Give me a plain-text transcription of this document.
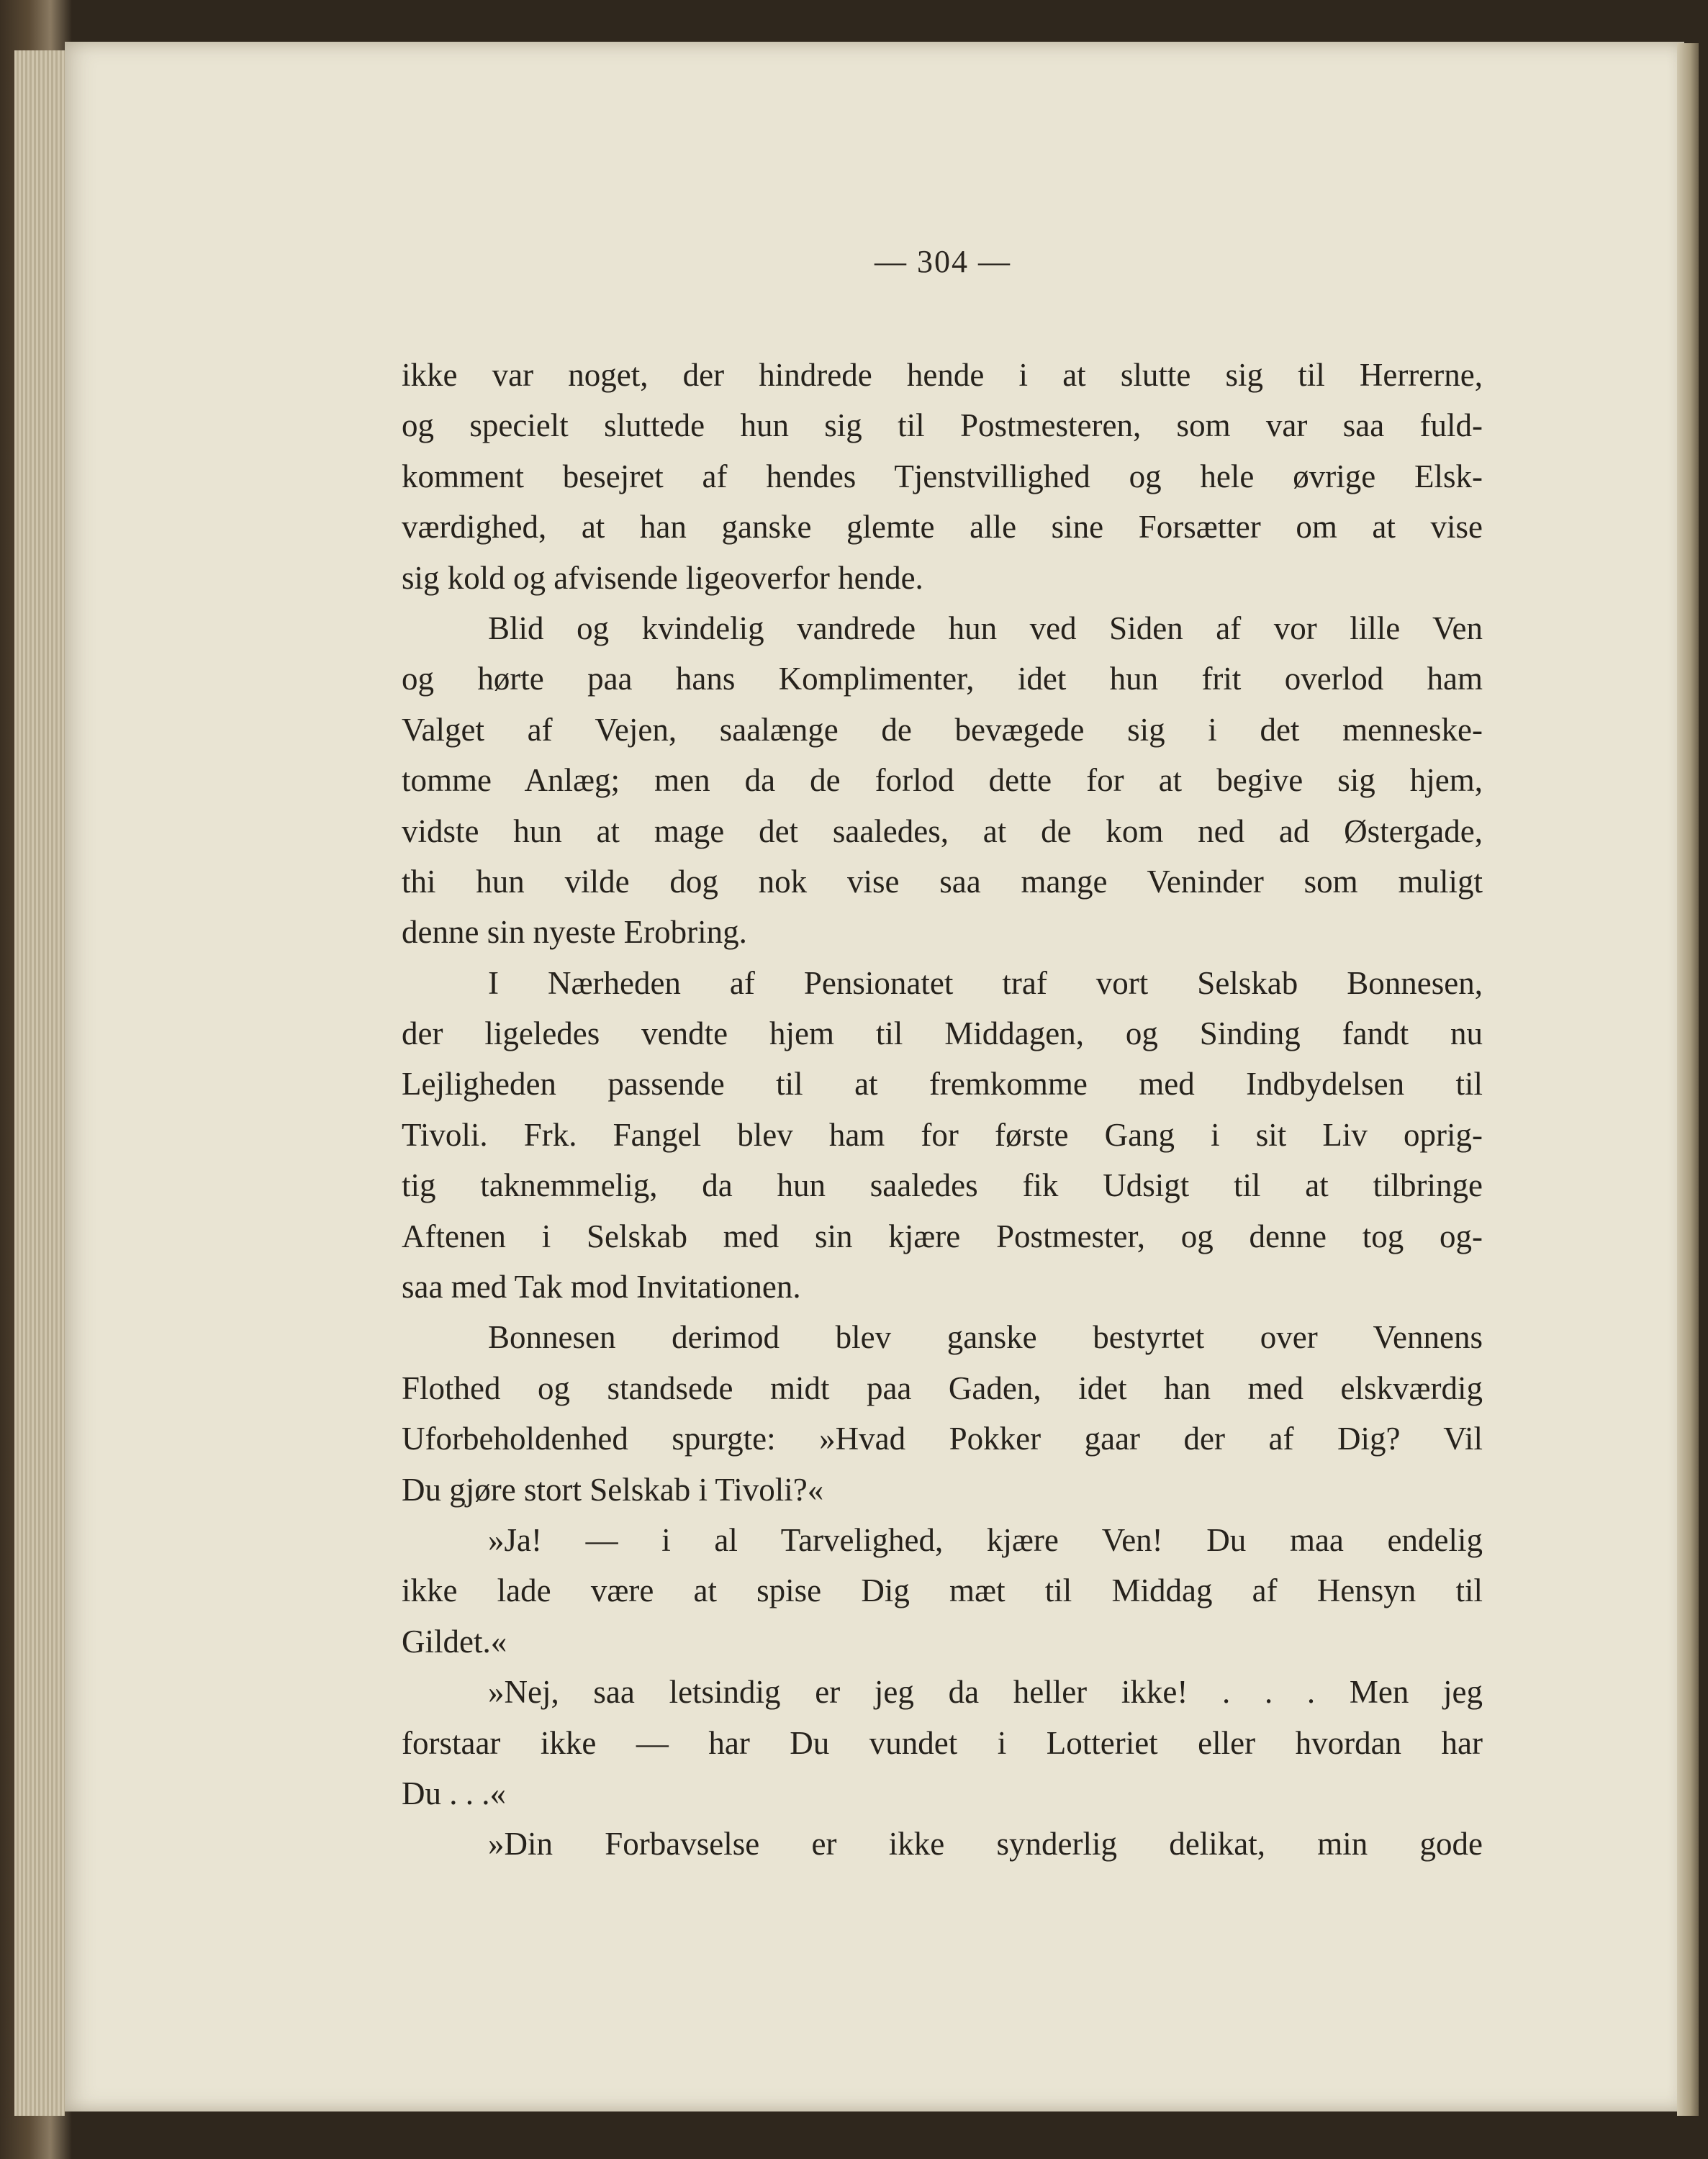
— 304 —
ikke var noget, der hindrede hende i at slutte sig til Herrerne,
og specielt sluttede hun sig til Postmesteren, som var saa fuld-
komment besejret af hendes Tjenstvillighed og hele øvrige Elsk-
værdighed, at han ganske glemte alle sine Forsætter om at vise
sig kold og afvisende ligeoverfor hende.
Blid og kvindelig vandrede hun ved Siden af vor lille Ven
og hørte paa hans Komplimenter, idet hun frit overlod ham
Valget af Vejen, saalænge de bevægede sig i det menneske-
tomme Anlæg; men da de forlod dette for at begive sig hjem,
vidste hun at mage det saaledes, at de kom ned ad Østergade,
thi hun vilde dog nok vise saa mange Veninder som muligt
denne sin nyeste Erobring.
I Nærheden af Pensionatet traf vort Selskab Bonnesen,
der ligeledes vendte hjem til Middagen, og Sinding fandt nu
Lejligheden passende til at fremkomme med Indbydelsen til
Tivoli. Frk. Fangel blev ham for første Gang i sit Liv oprig-
tig taknemmelig, da hun saaledes fik Udsigt til at tilbringe
Aftenen i Selskab med sin kjære Postmester, og denne tog og-
saa med Tak mod Invitationen.
Bonnesen derimod blev ganske bestyrtet over Vennens
Flothed og standsede midt paa Gaden, idet han med elskværdig
Uforbeholdenhed spurgte: »Hvad Pokker gaar der af Dig? Vil
Du gjøre stort Selskab i Tivoli?«
»Ja! — i al Tarvelighed, kjære Ven! Du maa endelig
ikke lade være at spise Dig mæt til Middag af Hensyn til
Gildet.«
»Nej, saa letsindig er jeg da heller ikke! . . . Men jeg
forstaar ikke — har Du vundet i Lotteriet eller hvordan har
Du . . .«
»Din Forbavselse er ikke synderlig delikat, min gode
